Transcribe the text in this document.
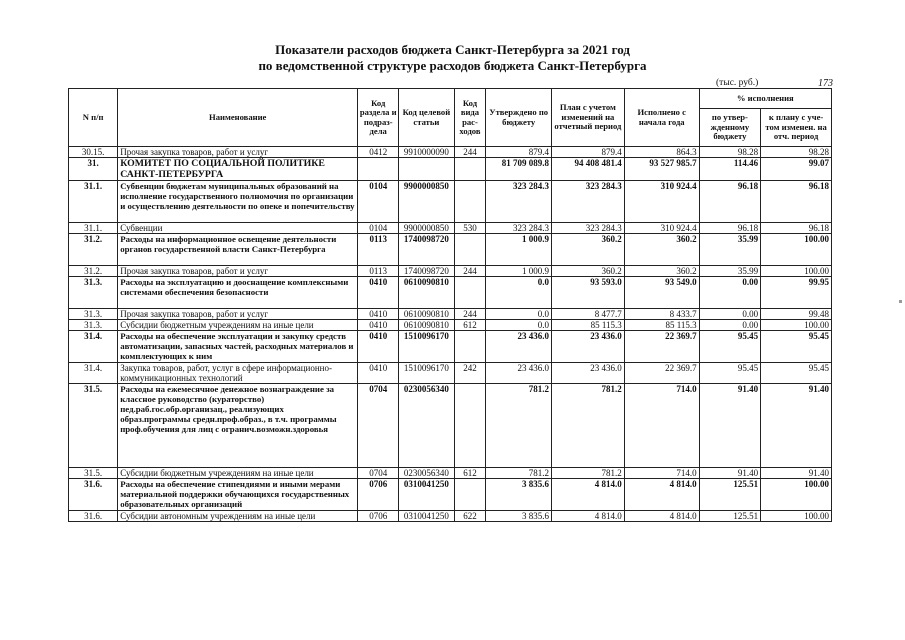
Показатели расходов бюджета Санкт-Петербурга за 2021 год
по ведомственной структуре расходов бюджета Санкт-Петербурга
(тыс. руб.)	173
N п/п	Наименование	Код раздела и подраз-дела	Код целевой статьи	Код вида рас-ходов	Утверждено по бюджету	План с учетом изменений на отчетный период	Исполнено с начала года	% исполнения	
								по утвер-жденному бюджету	к плану с уче-том изменен. на отч. период
30.15.	Прочая закупка товаров, работ и услуг	0412	9910000090	244	879.4	879.4	864.3	98.28	98.28
31.	КОМИТЕТ ПО СОЦИАЛЬНОЙ ПОЛИТИКЕ САНКТ-ПЕТЕРБУРГА				81 709 089.8	94 408 481.4	93 527 985.7	114.46	99.07
31.1.	Субвенции бюджетам муниципальных образований на исполнение государственного полномочия по организации и осуществлению деятельности по опеке и попечительству	0104	9900000850		323 284.3	323 284.3	310 924.4	96.18	96.18
31.1.	Субвенции	0104	9900000850	530	323 284.3	323 284.3	310 924.4	96.18	96.18
31.2.	Расходы на информационное освещение деятельности органов государственной власти Санкт-Петербурга	0113	1740098720		1 000.9	360.2	360.2	35.99	100.00
31.2.	Прочая закупка товаров, работ и услуг	0113	1740098720	244	1 000.9	360.2	360.2	35.99	100.00
31.3.	Расходы на эксплуатацию и дооснащение комплексными системами обеспечения безопасности	0410	0610090810		0.0	93 593.0	93 549.0	0.00	99.95
31.3.	Прочая закупка товаров, работ и услуг	0410	0610090810	244	0.0	8 477.7	8 433.7	0.00	99.48
31.3.	Субсидии бюджетным учреждениям на иные цели	0410	0610090810	612	0.0	85 115.3	85 115.3	0.00	100.00
31.4.	Расходы на обеспечение эксплуатации и закупку средств автоматизации, запасных частей, расходных материалов и комплектующих к ним	0410	1510096170		23 436.0	23 436.0	22 369.7	95.45	95.45
31.4.	Закупка товаров, работ, услуг в сфере информационно-коммуникационных технологий	0410	1510096170	242	23 436.0	23 436.0	22 369.7	95.45	95.45
31.5.	Расходы на ежемесячное денежное вознаграждение за классное руководство (кураторство) пед.раб.гос.обр.организац., реализующих образ.программы средн.проф.образ., в т.ч. программы проф.обучения для лиц с огранич.возможн.здоровья	0704	0230056340		781.2	781.2	714.0	91.40	91.40
31.5.	Субсидии бюджетным учреждениям на иные цели	0704	0230056340	612	781.2	781.2	714.0	91.40	91.40
31.6.	Расходы на обеспечение стипендиями и иными мерами материальной поддержки обучающихся государственных образовательных организаций	0706	0310041250		3 835.6	4 814.0	4 814.0	125.51	100.00
31.6.	Субсидии автономным учреждениям на иные цели	0706	0310041250	622	3 835.6	4 814.0	4 814.0	125.51	100.00
